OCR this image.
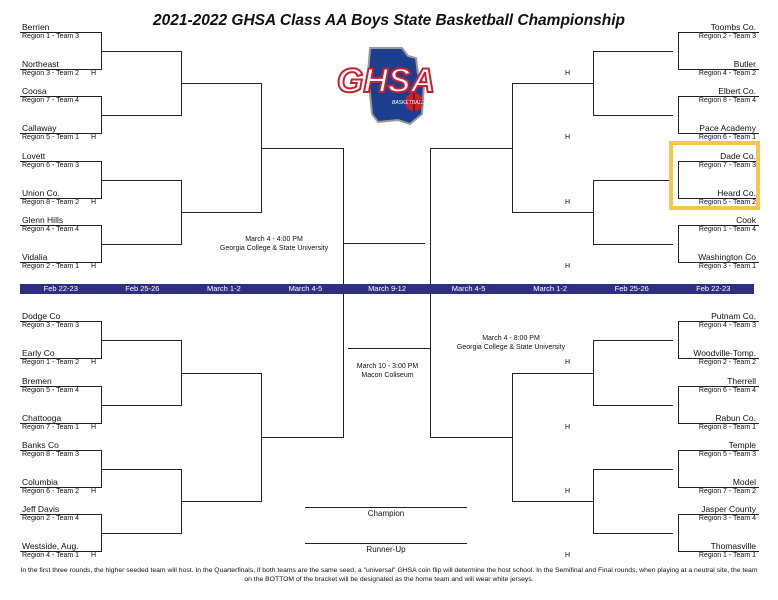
2021-2022 GHSA Class AA Boys State Basketball Championship
GHSA
BASKETBALL
Berrien
Region 1 - Team 3
Northeast
Region 3 - Team 2 H
Coosa
Region 7 - Team 4
Callaway
Region 5 - Team 1 H
Lovett
Region 6 - Team 3
Union Co.
Region 8 - Team 2 H
Glenn Hills
Region 4 - Team 4
Vidalia
Region 2 - Team 1 H
Dodge Co
Region 3 - Team 3
Early Co
Region 1 - Team 2 H
Bremen
Region 5 - Team 4
Chattooga
Region 7 - Team 1 H
Banks Co
Region 8 - Team 3
Columbia
Region 6 - Team 2 H
Jeff Davis
Region 2 - Team 4
Westside, Aug.
Region 4 - Team 1 H
Toombs Co.
Region 2 - Team 3
Butler
Region 4 - Team 2
H
Elbert Co.
Region 8 - Team 4
Pace Academy
Region 6 - Team 1
H
Dade Co.
Region 7 - Team 3
Heard Co.
Region 5 - Team 2
H
Cook
Region 1 - Team 4
Washington Co
Region 3 - Team 1
H
Putnam Co.
Region 4 - Team 3
Woodville-Tomp.
Region 2 - Team 2
H
Therrell
Region 6 - Team 4
Rabun Co.
Region 8 - Team 1
H
Temple
Region 5 - Team 3
Model
Region 7 - Team 2
H
Jasper County
Region 3 - Team 4
Thomasville
Region 1 - Team 1
H
Feb 22-23	Feb 25-26	March 1-2	March 4-5	March 9-12	March 4-5	March 1-2	Feb 25-26	Feb 22-23
March 4 - 4:00 PM
Georgia College & State University
March 4 - 8:00 PM
Georgia College & State University
March 10 - 3:00 PM
Macon Coliseum
Champion
Runner-Up
In the first three rounds, the higher seeded team will host. In the Quarterfinals, if both teams are the same seed, a "universal" GHSA coin flip will determine the host school. In the Semifinal and Final rounds, when playing at a neutral site, the team on the BOTTOM of the bracket will be designated as the home team and will wear white jerseys.
